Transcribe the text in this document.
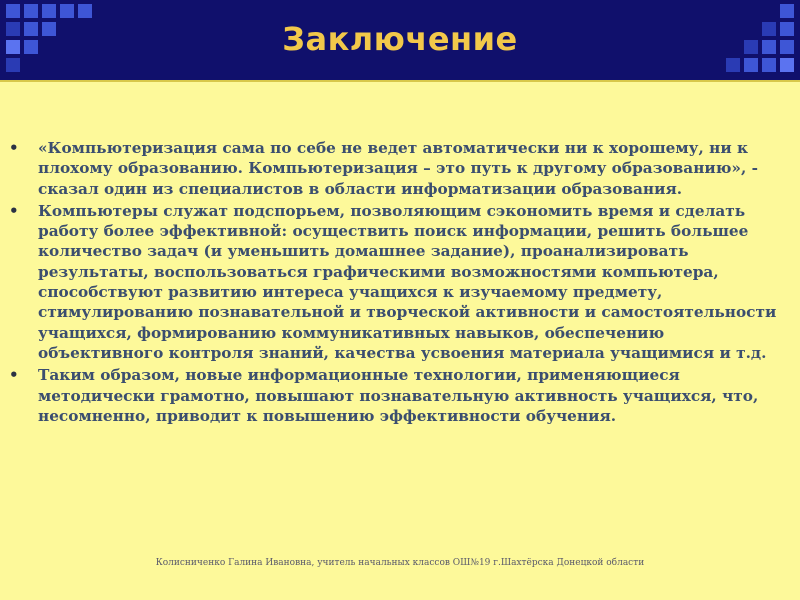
Заключение
•	«Компьютеризация сама по себе не ведет автоматически ни к хорошему, ни к плохому образованию. Компьютеризация – это путь к другому образованию», - сказал один из специалистов в области информатизации образования.
•	Компьютеры служат подспорьем, позволяющим сэкономить время и сделать работу более эффективной: осуществить поиск информации, решить большее количество задач (и уменьшить домашнее задание), проанализировать результаты, воспользоваться графическими возможностями компьютера, способствуют развитию интереса учащихся к изучаемому предмету, стимулированию познавательной и творческой активности и самостоятельности учащихся, формированию коммуникативных навыков, обеспечению объективного контроля знаний, качества усвоения материала учащимися и т.д.
•	Таким образом, новые информационные технологии, применяющиеся методически грамотно, повышают познавательную активность учащихся, что, несомненно, приводит к повышению эффективности обучения.
Колисниченко Галина Ивановна, учитель начальных классов ОШ№19 г.Шахтёрска Донецкой области
